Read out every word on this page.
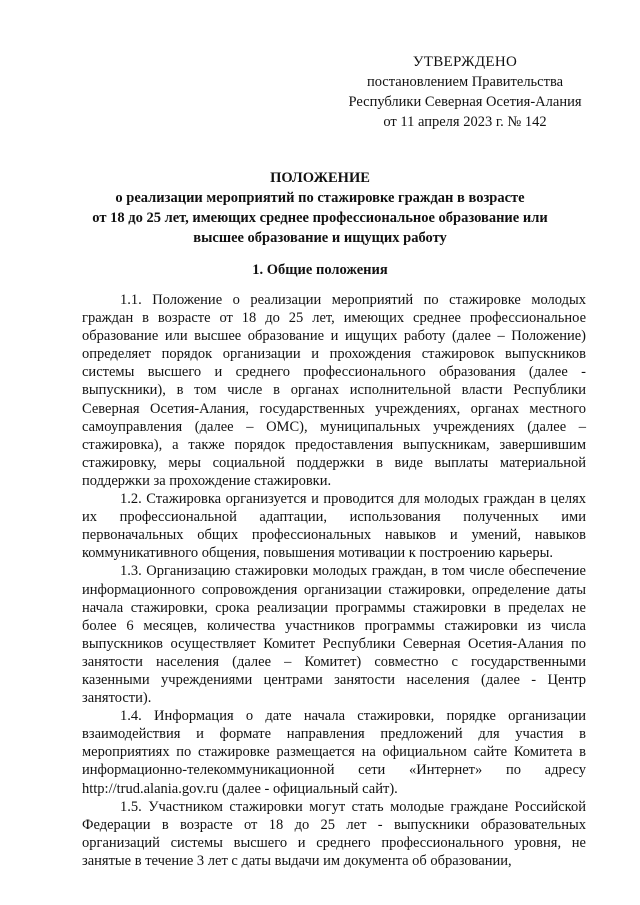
УТВЕРЖДЕНО
постановлением Правительства
Республики Северная Осетия-Алания
от 11 апреля 2023 г. № 142
ПОЛОЖЕНИЕ
о реализации мероприятий по стажировке граждан в возрасте
от 18 до 25 лет, имеющих среднее профессиональное образование или
высшее образование и ищущих работу
1. Общие положения

1.1. Положение о реализации мероприятий по стажировке молодых граждан в возрасте от 18 до 25 лет, имеющих среднее профессиональное образование или высшее образование и ищущих работу (далее – Положение) определяет порядок организации и прохождения стажировок выпускников системы высшего и среднего профессионального образования (далее - выпускники), в том числе в органах исполнительной власти Республики Северная Осетия-Алания, государственных учреждениях, органах местного самоуправления (далее – ОМС), муниципальных учреждениях (далее – стажировка), а также порядок предоставления выпускникам, завершившим стажировку, меры социальной поддержки в виде выплаты материальной поддержки за прохождение стажировки.

1.2. Стажировка организуется и проводится для молодых граждан в целях их профессиональной адаптации, использования полученных ими первоначальных общих профессиональных навыков и умений, навыков коммуникативного общения, повышения мотивации к построению карьеры.

1.3. Организацию стажировки молодых граждан, в том числе обеспечение информационного сопровождения организации стажировки, определение даты начала стажировки, срока реализации программы стажировки в пределах не более 6 месяцев, количества участников программы стажировки из числа выпускников осуществляет Комитет Республики Северная Осетия-Алания по занятости населения (далее – Комитет) совместно с государственными казенными учреждениями центрами занятости населения (далее - Центр занятости).

1.4. Информация о дате начала стажировки, порядке организации взаимодействия и формате направления предложений для участия в мероприятиях по стажировке размещается на официальном сайте Комитета в информационно-телекоммуникационной сети «Интернет» по адресу http://trud.alania.gov.ru (далее - официальный сайт).

1.5. Участником стажировки могут стать молодые граждане Российской Федерации в возрасте от 18 до 25 лет - выпускники образовательных организаций системы высшего и среднего профессионального уровня, не занятые в течение 3 лет с даты выдачи им документа об образовании,
